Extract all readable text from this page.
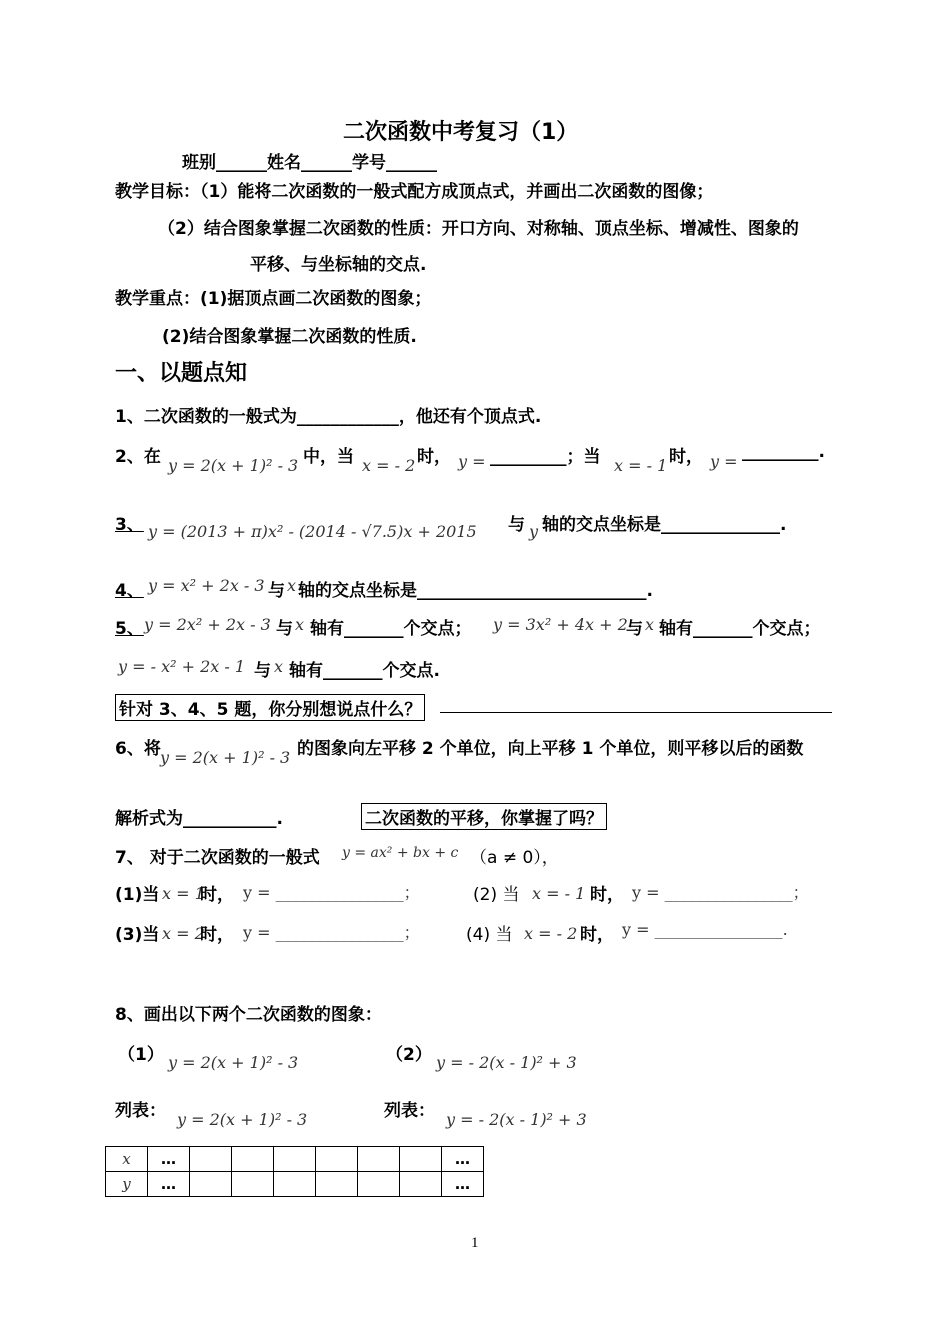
二次函数中考复习（1）
班别______姓名______学号______
教学目标：（1）能将二次函数的一般式配方成顶点式，并画出二次函数的图像；
（2）结合图象掌握二次函数的性质：开口方向、对称轴、顶点坐标、增减性、图象的
平移、与坐标轴的交点.
教学重点：(1)据顶点画二次函数的图象；
(2)结合图象掌握二次函数的性质.
一、以题点知
1、二次函数的一般式为____________，他还有个顶点式.
2、在 y = 2(x + 1)² - 3 中，当 x = - 2 时， y = _________；当 x = - 1 时， y = _________.
3、 y = (2013 + π)x² - (2014 - √7.5)x + 2015 与 y 轴的交点坐标是______________.
4、 y = x² + 2x - 3 与 x 轴的交点坐标是___________________________.
5、 y = 2x² + 2x - 3 与 x 轴有_______个交点； y = 3x² + 4x + 2
与 x 轴有_______个交点；
y = - x² + 2x - 1 与 x 轴有_______个交点.
针对 3、4、5 题，你分别想说点什么？
6、将 y = 2(x + 1)² - 3 的图象向左平移 2 个单位，向上平移 1 个单位，则平移以后的函数
解析式为___________.	二次函数的平移，你掌握了吗？
7、 对于二次函数的一般式 y = ax² + bx + c （a ≠ 0），
(1)当 x = 1
时， y = ________________；	(2) 当 x = - 1 时， y = ________________；
(3)当 x = 2
时， y = ________________；	(4) 当 x = - 2 时， y = ________________.
8、画出以下两个二次函数的图象：
（1） y = 2(x + 1)² - 3	（2） y = - 2(x - 1)² + 3
列表： y = 2(x + 1)² - 3	列表： y = - 2(x - 1)² + 3
x	…							…
y	…							…
1
